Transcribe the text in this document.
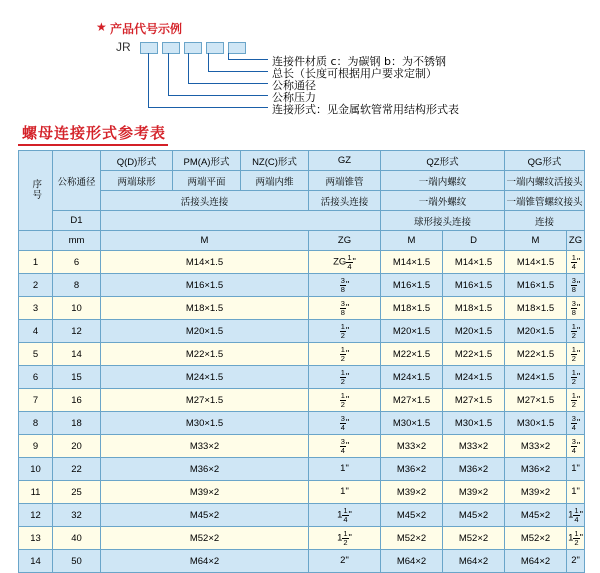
★ 产品代号示例
JR
连接件材质 c：为碳钢 b：为不锈钢
总长（长度可根据用户要求定制）
公称通径
公称压力
连接形式：见金属软管常用结构形式表
螺母连接形式参考表
序号	公称通径	Q(D)形式	PM(A)形式	NZ(C)形式	GZ	QZ形式		QG形式	
		两端球形	两端平面	两端内维	两端锥管	一端内螺纹		一端内螺纹活接头	
		活接头连接			活接头连接	一端外螺纹		一端锥管螺纹接头	
	D1					球形接头连接		连接	
	mm	M			ZG	M	D	M	ZG
1	6	M14×1.5			ZG $\frac{1}{4}$ "	M14×1.5	M14×1.5	M14×1.5	$\frac{1}{4}$ "
2	8	M16×1.5			$\frac{3}{8}$ "	M16×1.5	M16×1.5	M16×1.5	$\frac{3}{8}$ "
3	10	M18×1.5			$\frac{3}{8}$ "	M18×1.5	M18×1.5	M18×1.5	$\frac{3}{8}$ "
4	12	M20×1.5			$\frac{1}{2}$ "	M20×1.5	M20×1.5	M20×1.5	$\frac{1}{2}$ "
5	14	M22×1.5			$\frac{1}{2}$ "	M22×1.5	M22×1.5	M22×1.5	$\frac{1}{2}$ "
6	15	M24×1.5			$\frac{1}{2}$ "	M24×1.5	M24×1.5	M24×1.5	$\frac{1}{2}$ "
7	16	M27×1.5			$\frac{1}{2}$ "	M27×1.5	M27×1.5	M27×1.5	$\frac{1}{2}$ "
8	18	M30×1.5			$\frac{3}{4}$ "	M30×1.5	M30×1.5	M30×1.5	$\frac{3}{4}$ "
9	20	M33×2			$\frac{3}{4}$ "	M33×2	M33×2	M33×2	$\frac{3}{4}$ "
10	22	M36×2			1"	M36×2	M36×2	M36×2	1"
11	25	M39×2			1"	M39×2	M39×2	M39×2	1"
12	32	M45×2			$1 \frac{1}{4}$ "	M45×2	M45×2	M45×2	$1 \frac{1}{4}$ "
13	40	M52×2			$1 \frac{1}{2}$ "	M52×2	M52×2	M52×2	$1 \frac{1}{2}$ "
14	50	M64×2			2"	M64×2	M64×2	M64×2	2"
